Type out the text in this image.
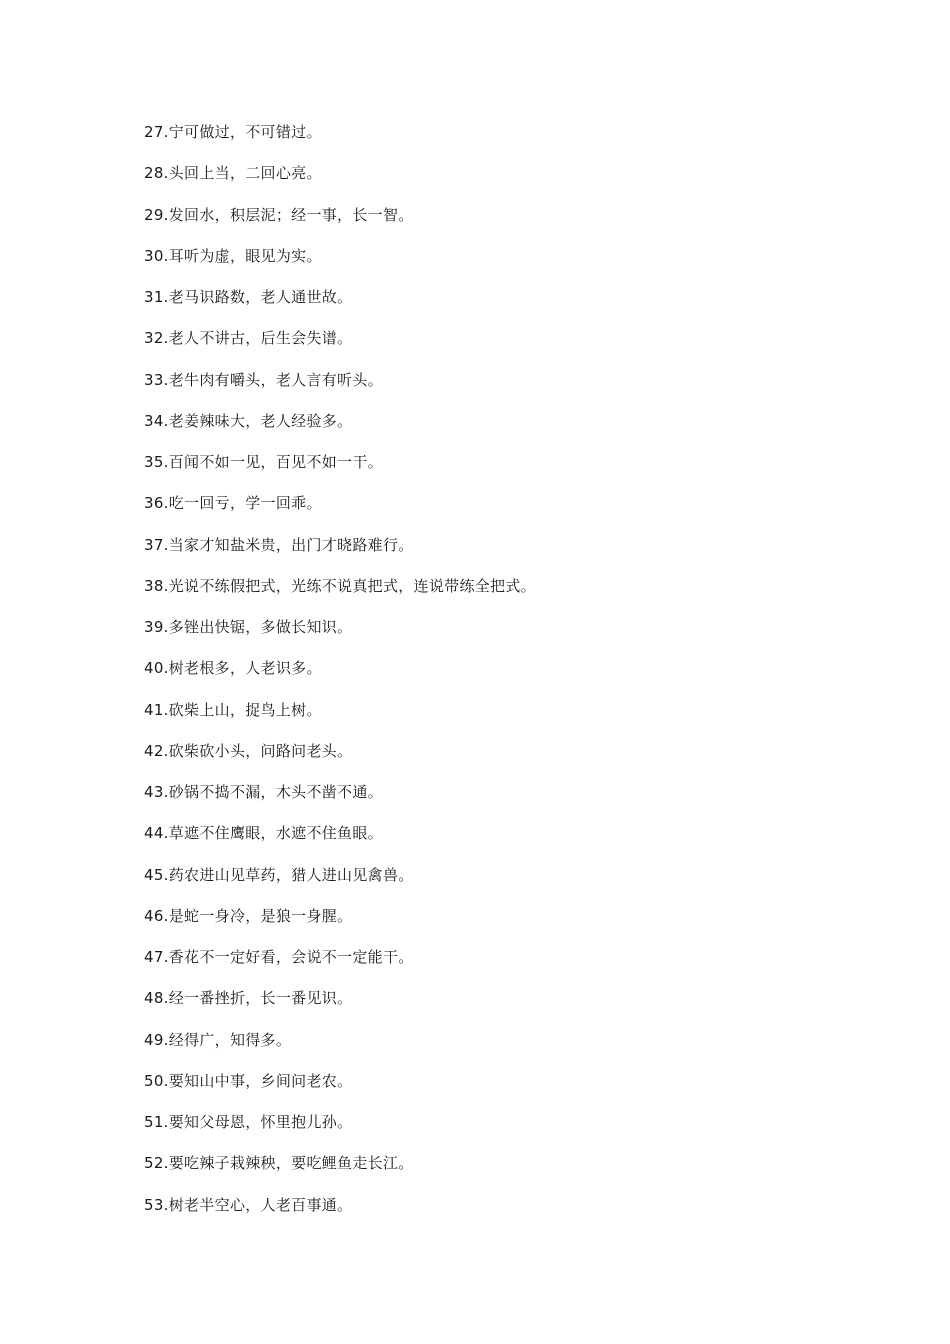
27.宁可做过，不可错过。
28.头回上当，二回心亮。
29.发回水，积层泥；经一事，长一智。
30.耳听为虚，眼见为实。
31.老马识路数，老人通世故。
32.老人不讲古，后生会失谱。
33.老牛肉有嚼头，老人言有听头。
34.老姜辣味大，老人经验多。
35.百闻不如一见，百见不如一干。
36.吃一回亏，学一回乖。
37.当家才知盐米贵，出门才晓路难行。
38.光说不练假把式，光练不说真把式，连说带练全把式。
39.多锉出快锯，多做长知识。
40.树老根多，人老识多。
41.砍柴上山，捉鸟上树。
42.砍柴砍小头，问路问老头。
43.砂锅不捣不漏，木头不凿不通。
44.草遮不住鹰眼，水遮不住鱼眼。
45.药农进山见草药，猎人进山见禽兽。
46.是蛇一身冷，是狼一身腥。
47.香花不一定好看，会说不一定能干。
48.经一番挫折，长一番见识。
49.经得广，知得多。
50.要知山中事，乡间问老农。
51.要知父母恩，怀里抱儿孙。
52.要吃辣子栽辣秧，要吃鲤鱼走长江。
53.树老半空心，人老百事通。
